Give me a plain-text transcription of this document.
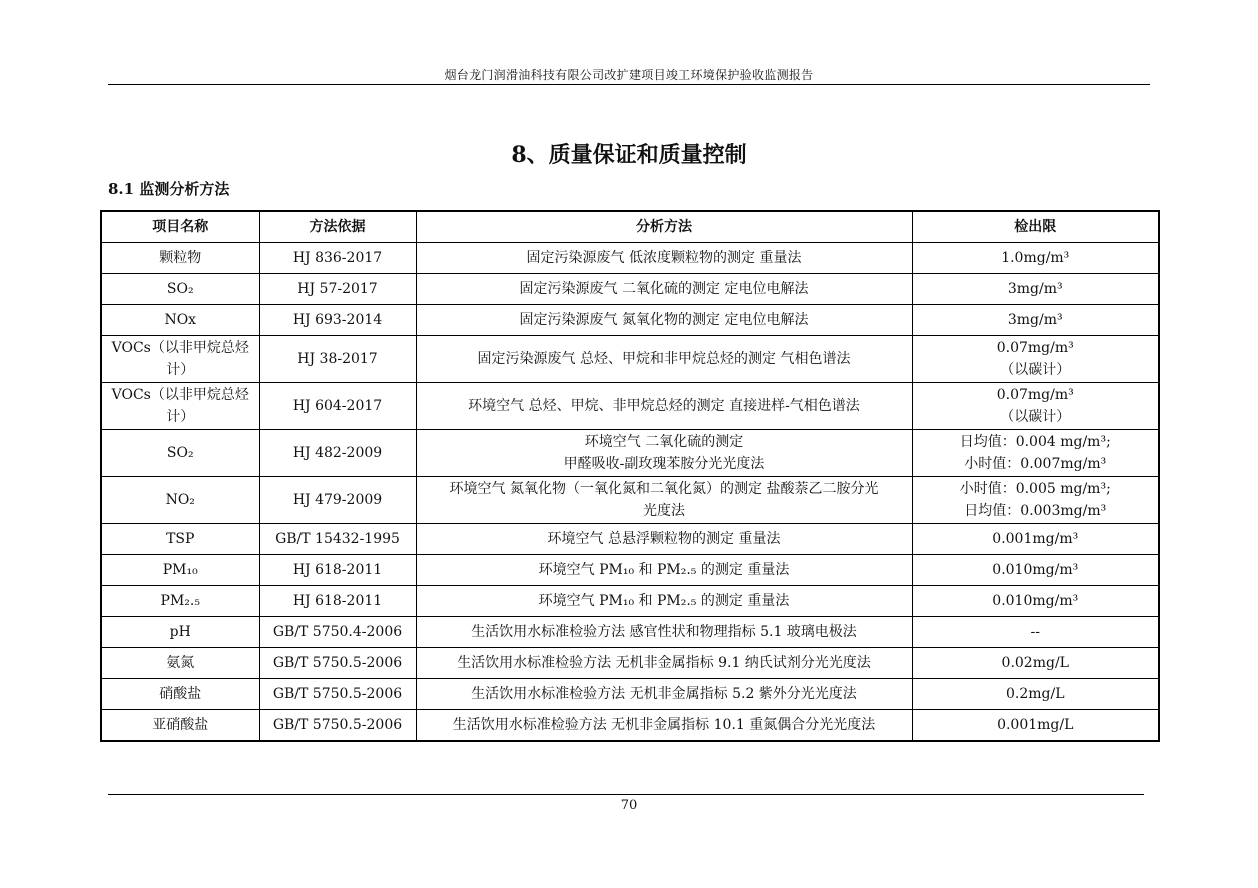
烟台龙门润滑油科技有限公司改扩建项目竣工环境保护验收监测报告
8、质量保证和质量控制
8.1 监测分析方法
项目名称	方法依据	分析方法	检出限

颗粒物	HJ 836-2017	固定污染源废气 低浓度颗粒物的测定 重量法	1.0mg/m³

SO₂	HJ 57-2017	固定污染源废气 二氧化硫的测定 定电位电解法	3mg/m³

NOx	HJ 693-2014	固定污染源废气 氮氧化物的测定 定电位电解法	3mg/m³

VOCs（以非甲烷总烃
计）	HJ 38-2017	固定污染源废气 总烃、甲烷和非甲烷总烃的测定 气相色谱法	0.07mg/m³
（以碳计）

VOCs（以非甲烷总烃
计）	HJ 604-2017	环境空气 总烃、甲烷、非甲烷总烃的测定 直接进样-气相色谱法	0.07mg/m³
（以碳计）

SO₂	HJ 482-2009	环境空气 二氧化硫的测定
甲醛吸收-副玫瑰苯胺分光光度法	日均值：0.004 mg/m³;
小时值：0.007mg/m³

NO₂	HJ 479-2009	环境空气 氮氧化物（一氧化氮和二氧化氮）的测定 盐酸萘乙二胺分光
光度法	小时值：0.005 mg/m³;
日均值：0.003mg/m³

TSP	GB/T 15432-1995	环境空气 总悬浮颗粒物的测定 重量法	0.001mg/m³

PM₁₀	HJ 618-2011	环境空气 PM₁₀ 和 PM₂.₅ 的测定 重量法	0.010mg/m³

PM₂.₅	HJ 618-2011	环境空气 PM₁₀ 和 PM₂.₅ 的测定 重量法	0.010mg/m³

pH	GB/T 5750.4-2006	生活饮用水标准检验方法 感官性状和物理指标 5.1 玻璃电极法	--

氨氮	GB/T 5750.5-2006	生活饮用水标准检验方法 无机非金属指标 9.1 纳氏试剂分光光度法	0.02mg/L

硝酸盐	GB/T 5750.5-2006	生活饮用水标准检验方法 无机非金属指标 5.2 紫外分光光度法	0.2mg/L

亚硝酸盐	GB/T 5750.5-2006	生活饮用水标准检验方法 无机非金属指标 10.1 重氮偶合分光光度法	0.001mg/L
70
